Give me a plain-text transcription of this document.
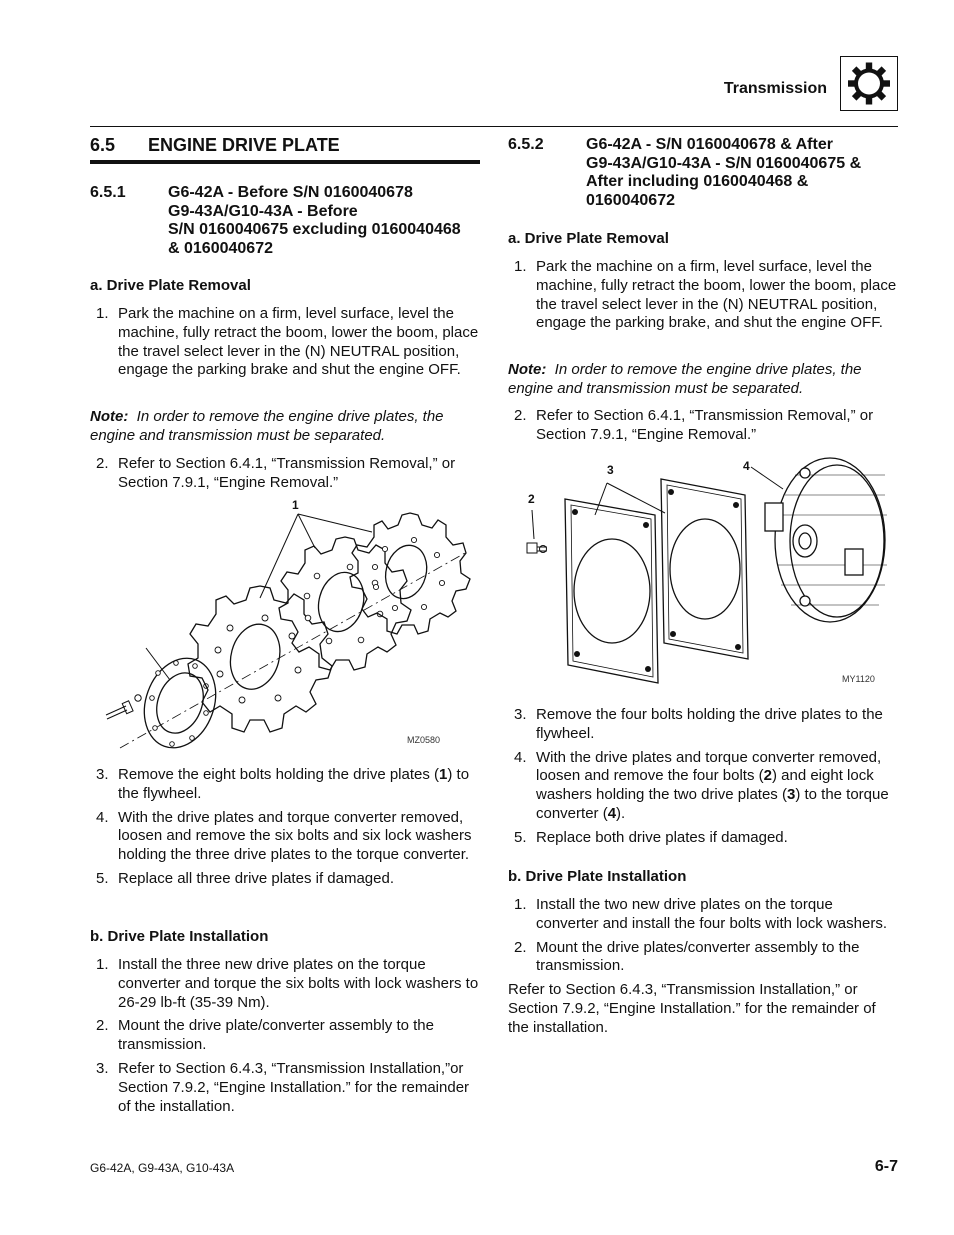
Transmission
6.5 ENGINE DRIVE PLATE
6.5.1	G6-42A - Before S/N 0160040678
G9-43A/G10-43A - Before
S/N 0160040675 excluding 0160040468
& 0160040672
a. Drive Plate Removal

1. Park the machine on a firm, level surface, level the machine, fully retract the boom, lower the boom, place the travel select lever in the (N) NEUTRAL position, engage the parking brake and shut the engine OFF.

Note: In order to remove the engine drive plates, the engine and transmission must be separated.

2. Refer to Section 6.4.1, “Transmission Removal,” or Section 7.9.1, “Engine Removal.”

1
MZ0580

3. Remove the eight bolts holding the drive plates (1) to the flywheel.

4. With the drive plates and torque converter removed, loosen and remove the six bolts and six lock washers holding the three drive plates to the torque converter.

5. Replace all three drive plates if damaged.

b. Drive Plate Installation

1. Install the three new drive plates on the torque converter and torque the six bolts with lock washers to 26-29 lb-ft (35-39 Nm).

2. Mount the drive plate/converter assembly to the transmission.

3. Refer to Section 6.4.3, “Transmission Installation,”or Section 7.9.2, “Engine Installation.” for the remainder of the installation.

6.5.2	G6-42A - S/N 0160040678 & After
G9-43A/G10-43A - S/N 0160040675 &
After including 0160040468 &
0160040672
a. Drive Plate Removal

1. Park the machine on a firm, level surface, level the machine, fully retract the boom, lower the boom, place the travel select lever in the (N) NEUTRAL position, engage the parking brake, and shut the engine OFF.

Note: In order to remove the engine drive plates, the engine and transmission must be separated.

2. Refer to Section 6.4.1, “Transmission Removal,” or Section 7.9.1, “Engine Removal.”

3	4
2
MY1120

3. Remove the four bolts holding the drive plates to the flywheel.

4. With the drive plates and torque converter removed, loosen and remove the four bolts (2) and eight lock washers holding the two drive plates (3) to the torque converter (4).

5. Replace both drive plates if damaged.

b. Drive Plate Installation

1. Install the two new drive plates on the torque converter and install the four bolts with lock washers.

2. Mount the drive plates/converter assembly to the transmission.

Refer to Section 6.4.3, “Transmission Installation,” or Section 7.9.2, “Engine Installation.” for the remainder of the installation.

G6-42A, G9-43A, G10-43A	6-7
